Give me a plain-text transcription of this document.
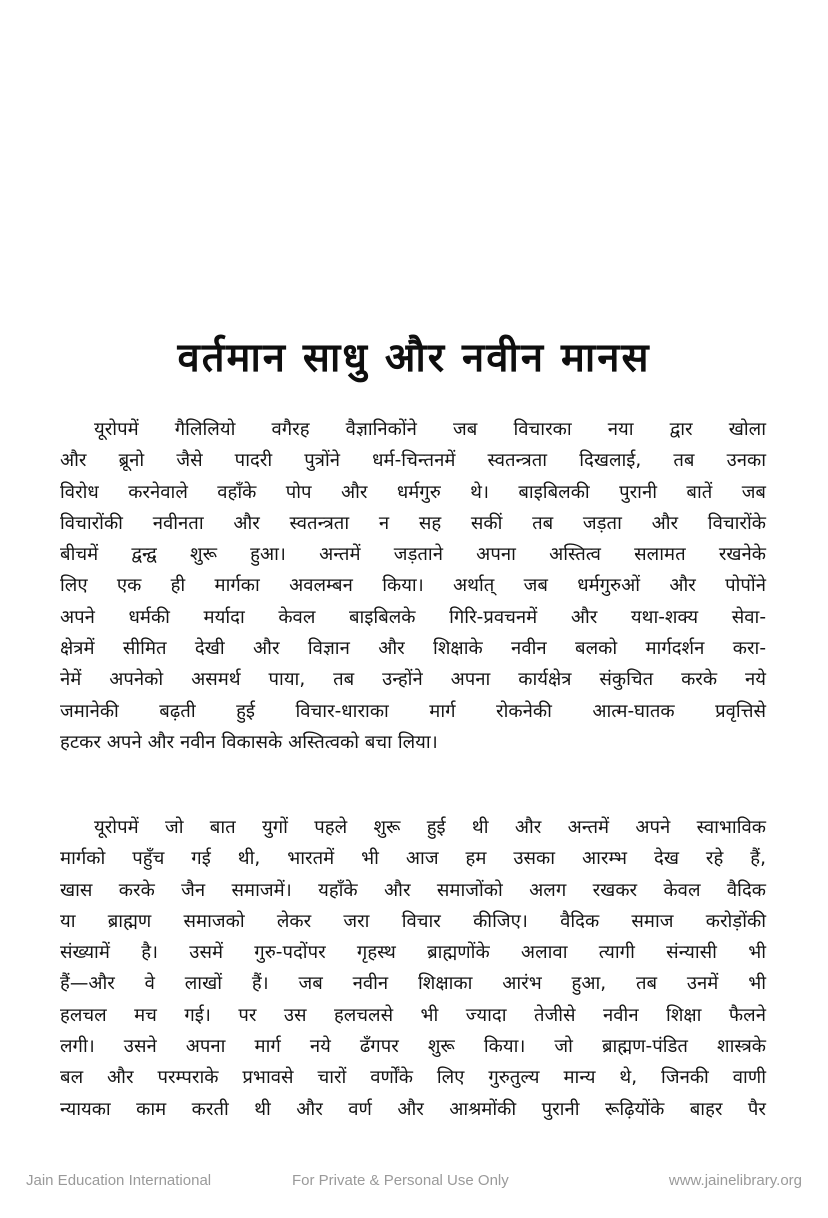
वर्तमान साधु और नवीन मानस
यूरोपमें गैलिलियो वगैरह वैज्ञानिकोंने जब विचारका नया द्वार खोला
और ब्रूनो जैसे पादरी पुत्रोंने धर्म-चिन्तनमें स्वतन्त्रता दिखलाई, तब उनका
विरोध करनेवाले वहाँके पोप और धर्मगुरु थे। बाइबिलकी पुरानी बातें जब
विचारोंकी नवीनता और स्वतन्त्रता न सह सकीं तब जड़ता और विचारोंके
बीचमें द्वन्द्व शुरू हुआ। अन्तमें जड़ताने अपना अस्तित्व सलामत रखनेके
लिए एक ही मार्गका अवलम्बन किया। अर्थात् जब धर्मगुरुओं और पोपोंने
अपने धर्मकी मर्यादा केवल बाइबिलके गिरि-प्रवचनमें और यथा-शक्य सेवा-
क्षेत्रमें सीमित देखी और विज्ञान और शिक्षाके नवीन बलको मार्गदर्शन करा-
नेमें अपनेको असमर्थ पाया, तब उन्होंने अपना कार्यक्षेत्र संकुचित करके नये
जमानेकी बढ़ती हुई विचार-धाराका मार्ग रोकनेकी आत्म-घातक प्रवृत्तिसे
हटकर अपने और नवीन विकासके अस्तित्वको बचा लिया।
यूरोपमें जो बात युगों पहले शुरू हुई थी और अन्तमें अपने स्वाभाविक
मार्गको पहुँच गई थी, भारतमें भी आज हम उसका आरम्भ देख रहे हैं,
खास करके जैन समाजमें। यहाँके और समाजोंको अलग रखकर केवल वैदिक
या ब्राह्मण समाजको लेकर जरा विचार कीजिए। वैदिक समाज करोड़ोंकी
संख्यामें है। उसमें गुरु-पदोंपर गृहस्थ ब्राह्मणोंके अलावा त्यागी संन्यासी भी
हैं—और वे लाखों हैं। जब नवीन शिक्षाका आरंभ हुआ, तब उनमें भी
हलचल मच गई। पर उस हलचलसे भी ज्यादा तेजीसे नवीन शिक्षा फैलने
लगी। उसने अपना मार्ग नये ढँगपर शुरू किया। जो ब्राह्मण-पंडित शास्त्रके
बल और परम्पराके प्रभावसे चारों वर्णोंके लिए गुरुतुल्य मान्य थे, जिनकी वाणी
न्यायका काम करती थी और वर्ण और आश्रमोंकी पुरानी रूढ़ियोंके बाहर पैर
Jain Education International	For Private & Personal Use Only	www.jainelibrary.org
